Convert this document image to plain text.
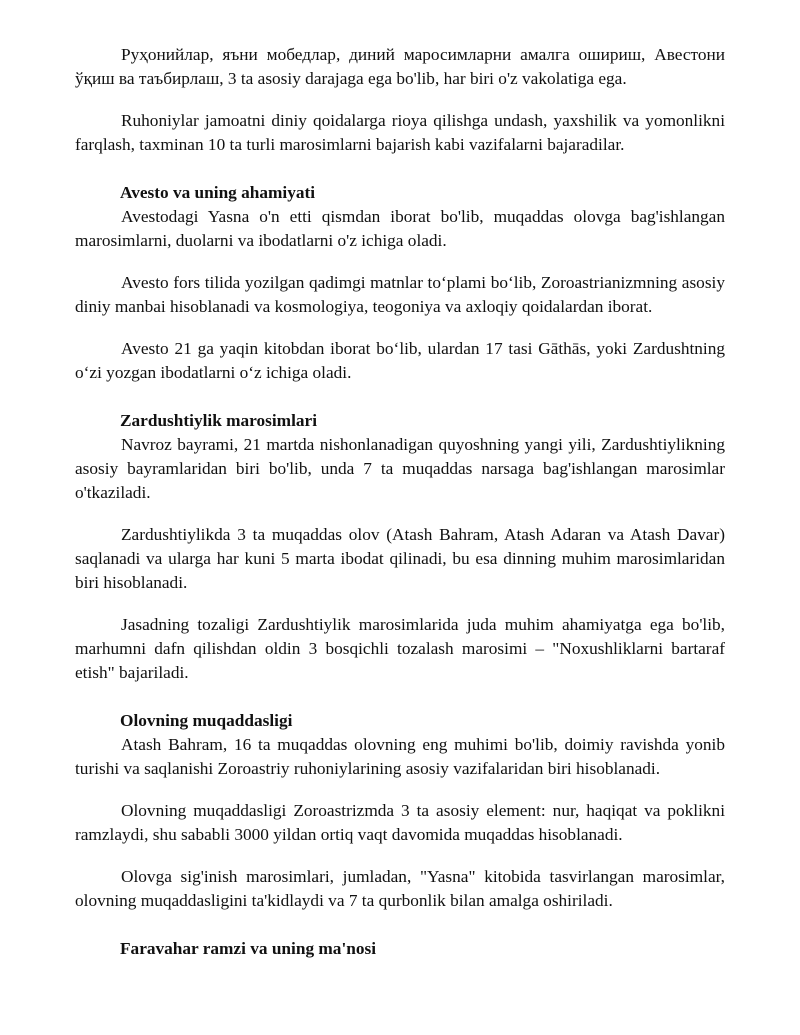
Руҳонийлар, яъни мобедлар, диний маросимларни амалга ошириш, Авестони ўқиш ва таъбирлаш, 3 ta asosiy darajaga ega bo'lib, har biri o'z vakolatiga ega.

Ruhoniylar jamoatni diniy qoidalarga rioya qilishga undash, yaxshilik va yomonlikni farqlash, taxminan 10 ta turli marosimlarni bajarish kabi vazifalarni bajaradilar.

Avesto va uning ahamiyati

Avestodagi Yasna o'n etti qismdan iborat bo'lib, muqaddas olovga bag'ishlangan marosimlarni, duolarni va ibodatlarni o'z ichiga oladi.

Avesto fors tilida yozilgan qadimgi matnlar to‘plami bo‘lib, Zoroastrianizmning asosiy diniy manbai hisoblanadi va kosmologiya, teogoniya va axloqiy qoidalardan iborat.

Avesto 21 ga yaqin kitobdan iborat bo‘lib, ulardan 17 tasi Gāthās, yoki Zardushtning o‘zi yozgan ibodatlarni o‘z ichiga oladi.

Zardushtiylik marosimlari

Navroz bayrami, 21 martda nishonlanadigan quyoshning yangi yili, Zardushtiylikning asosiy bayramlaridan biri bo'lib, unda 7 ta muqaddas narsaga bag'ishlangan marosimlar o'tkaziladi.

Zardushtiylikda 3 ta muqaddas olov (Atash Bahram, Atash Adaran va Atash Davar) saqlanadi va ularga har kuni 5 marta ibodat qilinadi, bu esa dinning muhim marosimlaridan biri hisoblanadi.

Jasadning tozaligi Zardushtiylik marosimlarida juda muhim ahamiyatga ega bo'lib, marhumni dafn qilishdan oldin 3 bosqichli tozalash marosimi – "Noxushliklarni bartaraf etish" bajariladi.

Olovning muqaddasligi

Atash Bahram, 16 ta muqaddas olovning eng muhimi bo'lib, doimiy ravishda yonib turishi va saqlanishi Zoroastriy ruhoniylarining asosiy vazifalaridan biri hisoblanadi.

Olovning muqaddasligi Zoroastrizmda 3 ta asosiy element: nur, haqiqat va poklikni ramzlaydi, shu sababli 3000 yildan ortiq vaqt davomida muqaddas hisoblanadi.

Olovga sig'inish marosimlari, jumladan, "Yasna" kitobida tasvirlangan marosimlar, olovning muqaddasligini ta'kidlaydi va 7 ta qurbonlik bilan amalga oshiriladi.

Faravahar ramzi va uning ma'nosi
